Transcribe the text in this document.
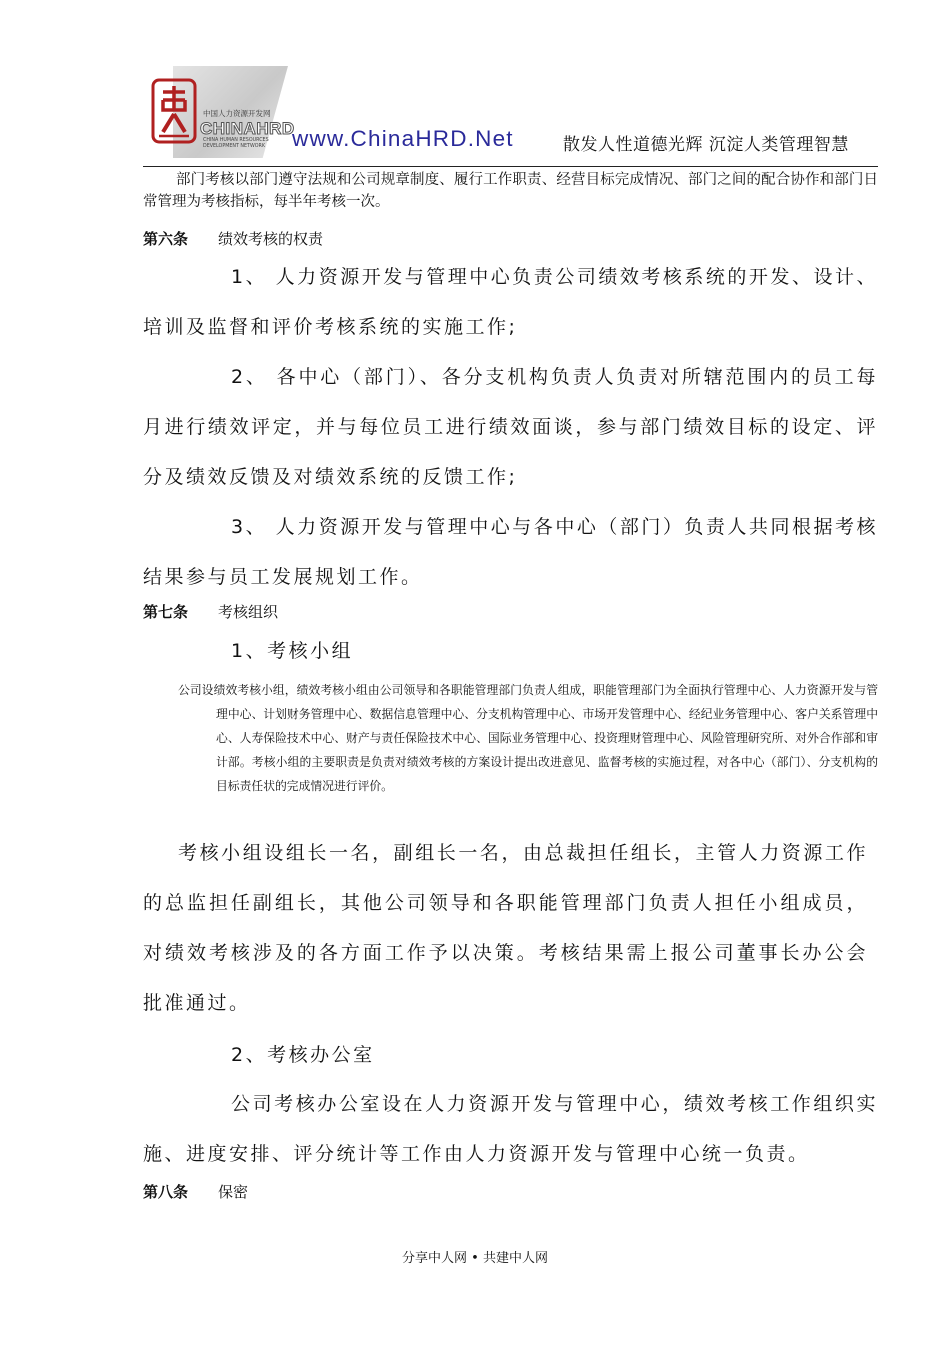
中国人力资源开发网
CHINAHRD
CHINA HUMAN RESOURCES DEVELOPMENT NETWORK	www.ChinaHRD.Net	散发人性道德光辉 沉淀人类管理智慧
部门考核以部门遵守法规和公司规章制度、履行工作职责、经营目标完成情况、部门之间的配合协作和部门日常管理为考核指标，每半年考核一次。
第六条 绩效考核的权责
1、 人力资源开发与管理中心负责公司绩效考核系统的开发、设计、培训及监督和评价考核系统的实施工作;
2、 各中心（部门）、各分支机构负责人负责对所辖范围内的员工每月进行绩效评定，并与每位员工进行绩效面谈，参与部门绩效目标的设定、评分及绩效反馈及对绩效系统的反馈工作;
3、 人力资源开发与管理中心与各中心（部门）负责人共同根据考核结果参与员工发展规划工作。
第七条 考核组织
1、考核小组
公司设绩效考核小组，绩效考核小组由公司领导和各职能管理部门负责人组成，职能管理部门为全面执行管理中心、人力资源开发与管理中心、计划财务管理中心、数据信息管理中心、分支机构管理中心、市场开发管理中心、经纪业务管理中心、客户关系管理中心、人寿保险技术中心、财产与责任保险技术中心、国际业务管理中心、投资理财管理中心、风险管理研究所、对外合作部和审计部。考核小组的主要职责是负责对绩效考核的方案设计提出改进意见、监督考核的实施过程，对各中心（部门）、分支机构的目标责任状的完成情况进行评价。
考核小组设组长一名，副组长一名，由总裁担任组长，主管人力资源工作的总监担任副组长，其他公司领导和各职能管理部门负责人担任小组成员，对绩效考核涉及的各方面工作予以决策。考核结果需上报公司董事长办公会批准通过。
2、考核办公室
公司考核办公室设在人力资源开发与管理中心，绩效考核工作组织实施、进度安排、评分统计等工作由人力资源开发与管理中心统一负责。
第八条 保密
分享中人网 • 共建中人网
